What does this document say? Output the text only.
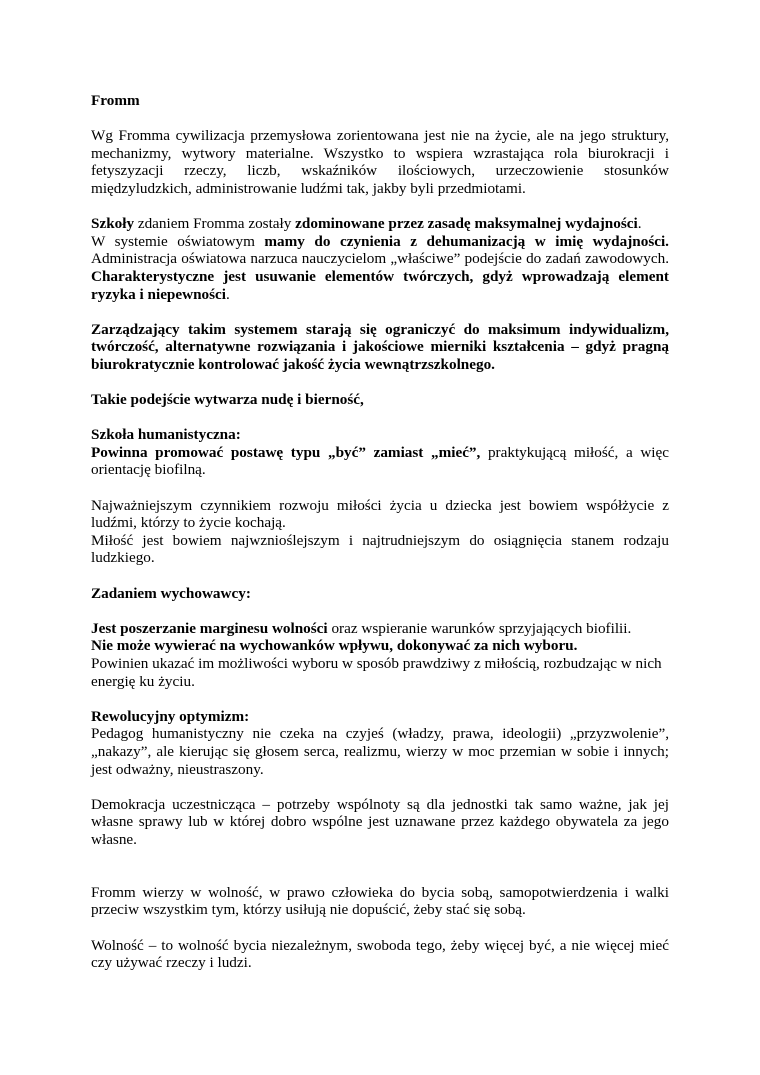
Fromm

Wg Fromma cywilizacja przemysłowa zorientowana jest nie na życie, ale na jego struktury, mechanizmy, wytwory materialne. Wszystko to wspiera wzrastająca rola biurokracji i fetyszyzacji rzeczy, liczb, wskaźników ilościowych, urzeczowienie stosunków międzyludzkich, administrowanie ludźmi tak, jakby byli przedmiotami.

Szkoły zdaniem Fromma zostały zdominowane przez zasadę maksymalnej wydajności.

W systemie oświatowym mamy do czynienia z dehumanizacją w imię wydajności. Administracja oświatowa narzuca nauczycielom „właściwe” podejście do zadań zawodowych. Charakterystyczne jest usuwanie elementów twórczych, gdyż wprowadzają element ryzyka i niepewności.

Zarządzający takim systemem starają się ograniczyć do maksimum indywidualizm, twórczość, alternatywne rozwiązania i jakościowe mierniki kształcenia – gdyż pragną biurokratycznie kontrolować jakość życia wewnątrzszkolnego.

Takie podejście wytwarza nudę i bierność,

Szkoła humanistyczna:

Powinna promować postawę typu „być” zamiast „mieć”, praktykującą miłość, a więc orientację biofilną.

Najważniejszym czynnikiem rozwoju miłości życia u dziecka jest bowiem współżycie z ludźmi, którzy to życie kochają.

Miłość jest bowiem najwznioślejszym i najtrudniejszym do osiągnięcia stanem rodzaju ludzkiego.

Zadaniem wychowawcy:

Jest poszerzanie marginesu wolności oraz wspieranie warunków sprzyjających biofilii.

Nie może wywierać na wychowanków wpływu, dokonywać za nich wyboru.

Powinien ukazać im możliwości wyboru w sposób prawdziwy z miłością, rozbudzając w nich energię ku życiu.

Rewolucyjny optymizm:

Pedagog humanistyczny nie czeka na czyjeś (władzy, prawa, ideologii) „przyzwolenie”, „nakazy”, ale kierując się głosem serca, realizmu, wierzy w moc przemian w sobie i innych; jest odważny, nieustraszony.

Demokracja uczestnicząca – potrzeby wspólnoty są dla jednostki tak samo ważne, jak jej własne sprawy lub w której dobro wspólne jest uznawane przez każdego obywatela za jego własne.

Fromm wierzy w wolność, w prawo człowieka do bycia sobą, samopotwierdzenia i walki przeciw wszystkim tym, którzy usiłują nie dopuścić, żeby stać się sobą.

Wolność – to wolność bycia niezależnym, swoboda tego, żeby więcej być, a nie więcej mieć czy używać rzeczy i ludzi.
